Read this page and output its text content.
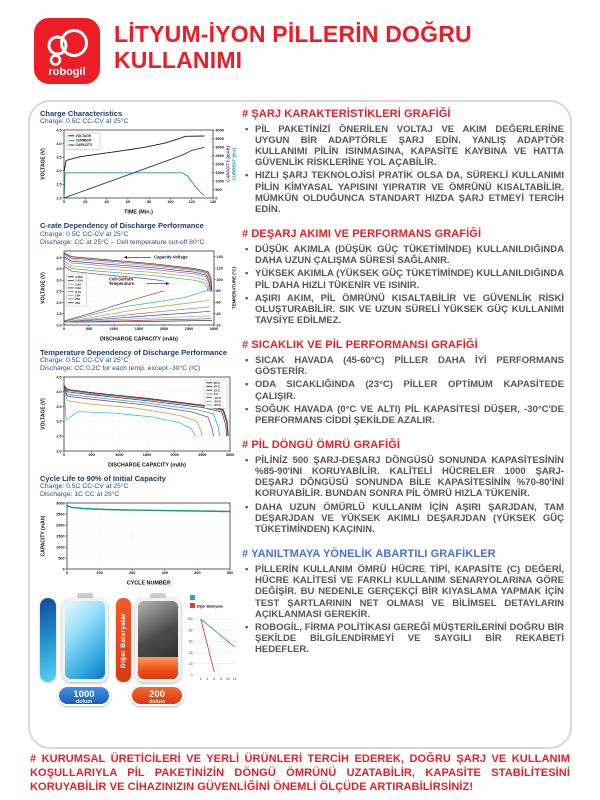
robogil
LİTYUM-İYON PİLLERİN DOĞRU
KULLANIMI
Charge Characteristics
Charge: 0.5C CC-CV at 25°C
0	20	40	60	80	100	120	140
2.0
2.5
3.0
3.5
4.0
4.5
0
500
1000
1500
2000
2500
3000
3500
4000
TIME (Min.)
VOLTAGE (V)	CAPACITY (mAh) CURRENT (mA)
VOLTAGE
CURRENT
CAPACITY
C-rate Dependency of Discharge Performance
Charge: 0.5C CC-CV at 25°C
Discharge: CC at 25°C – Cell temperature cut-off 80°C
0	500	1000	1500	2000	2500	3000
1.0
1.5
2.0
2.5
3.0
3.5
4.0
20
40
60
80
100
120
140
DISCHARGE CAPACITY (mAh)
VOLTAGE (V)	TEMPERATURE (°C)
0.58A
1.45A
2.9A
5.8A
8.7A
15A
20A
25A
Capacity-Voltage
Cell-Surface
Temperature
Temperature Dependency of Discharge Performance
Charge: 0.5C CC-CV at 25°C
Discharge: CC 0.2C for each temp. except -30°C (IC)
0	500	1000	1500	2000	2500	3000
2.0
2.5
3.0
3.5
4.0
4.5
DISCHARGE CAPACITY (mAh)
VOLTAGE (V)
60°C
45°C
23°C
0°C
-10°C
-20°C
-30°C
Cycle Life to 90% of Initial Capacity
Charge: 0.5C CC-CV at 25°C
Discharge: 1C CC at 25°C
0	100	200	300	400	500
0
500
1000
1500
2000
2500
3000
CYCLE NUMBER
CAPACITY (mAh)
Diğer Bataryalar
1000
dolum
200
dolum
Diğer Bataryalar
0
20
40
60
80
100
2 4 6 8 10 12
# ŞARJ KARAKTERİSTİKLERİ GRAFİĞİ
• PİL PAKETİNİZİ ÖNERİLEN VOLTAJ VE AKIM DEĞERLERİNE UYGUN BİR ADAPTÖRLE ŞARJ EDİN. YANLIŞ ADAPTÖR KULLANIMI PİLİN ISINMASINA, KAPASİTE KAYBINA VE HATTA GÜVENLİK RİSKLERİNE YOL AÇABİLİR.
• HIZLI ŞARJ TEKNOLOJİSİ PRATİK OLSA DA, SÜREKLİ KULLANIMI PİLİN KİMYASAL YAPISINI YIPRATIR VE ÖMRÜNÜ KISALTABİLİR. MÜMKÜN OLDUĞUNCA STANDART HIZDA ŞARJ ETMEYİ TERCİH EDİN.
# DEŞARJ AKIMI VE PERFORMANS GRAFİĞİ
• DÜŞÜK AKIMLA (DÜŞÜK GÜÇ TÜKETİMİNDE) KULLANILDIĞINDA DAHA UZUN ÇALIŞMA SÜRESİ SAĞLANIR.
• YÜKSEK AKIMLA (YÜKSEK GÜÇ TÜKETİMİNDE) KULLANILDIĞINDA PİL DAHA HIZLI TÜKENİR VE ISINIR.
• AŞIRI AKIM, PİL ÖMRÜNÜ KISALTABİLİR VE GÜVENLİK RİSKİ OLUŞTURABİLİR. SIK VE UZUN SÜRELİ YÜKSEK GÜÇ KULLANIMI TAVSİYE EDİLMEZ.
# SICAKLIK VE PİL PERFORMANSI GRAFİĞİ
• SICAK HAVADA (45-60°C) PİLLER DAHA İYİ PERFORMANS GÖSTERİR.
• ODA SICAKLIĞINDA (23°C) PİLLER OPTİMUM KAPASİTEDE ÇALIŞIR.
• SOĞUK HAVADA (0°C VE ALTI) PİL KAPASİTESİ DÜŞER, -30°C'DE PERFORMANS CİDDİ ŞEKİLDE AZALIR.
# PİL DÖNGÜ ÖMRÜ GRAFİĞİ
• PİLİNİZ 500 ŞARJ-DEŞARJ DÖNGÜSÜ SONUNDA KAPASİTESİNİN %85-90'INI KORUYABİLİR. KALİTELİ HÜCRELER 1000 ŞARJ-DEŞARJ DÖNGÜSÜ SONUNDA BİLE KAPASİTESİNİN %70-80'İNİ KORUYABİLİR. BUNDAN SONRA PİL ÖMRÜ HIZLA TÜKENİR.
• DAHA UZUN ÖMÜRLÜ KULLANIM İÇİN AŞIRI ŞARJDAN, TAM DEŞARJDAN VE YÜKSEK AKIMLI DEŞARJDAN (YÜKSEK GÜÇ TÜKETİMİNDEN) KAÇININ.
# YANILTMAYA YÖNELİK ABARTILI GRAFİKLER
• PİLLERİN KULLANIM ÖMRÜ HÜCRE TİPİ, KAPASİTE (C) DEĞERİ, HÜCRE KALİTESİ VE FARKLI KULLANIM SENARYOLARINA GÖRE DEĞİŞİR. BU NEDENLE GERÇEKÇİ BİR KIYASLAMA YAPMAK İÇİN TEST ŞARTLARININ NET OLMASI VE BİLİMSEL DETAYLARIN AÇIKLANMASI GEREKİR.
• ROBOGİL, FİRMA POLİTİKASI GEREĞİ MÜŞTERİLERİNİ DOĞRU BİR ŞEKİLDE BİLGİLENDİRMEYİ VE SAYGILI BİR REKABETİ HEDEFLER.
# KURUMSAL ÜRETİCİLERİ VE YERLİ ÜRÜNLERİ TERCİH EDEREK, DOĞRU ŞARJ VE KULLANIM KOŞULLARIYLA PİL PAKETİNİZİN DÖNGÜ ÖMRÜNÜ UZATABİLİR, KAPASİTE STABİLİTESİNİ KORUYABİLİR VE CİHAZINIZIN GÜVENLİĞİNİ ÖNEMLİ ÖLÇÜDE ARTIRABİLİRSİNİZ!
